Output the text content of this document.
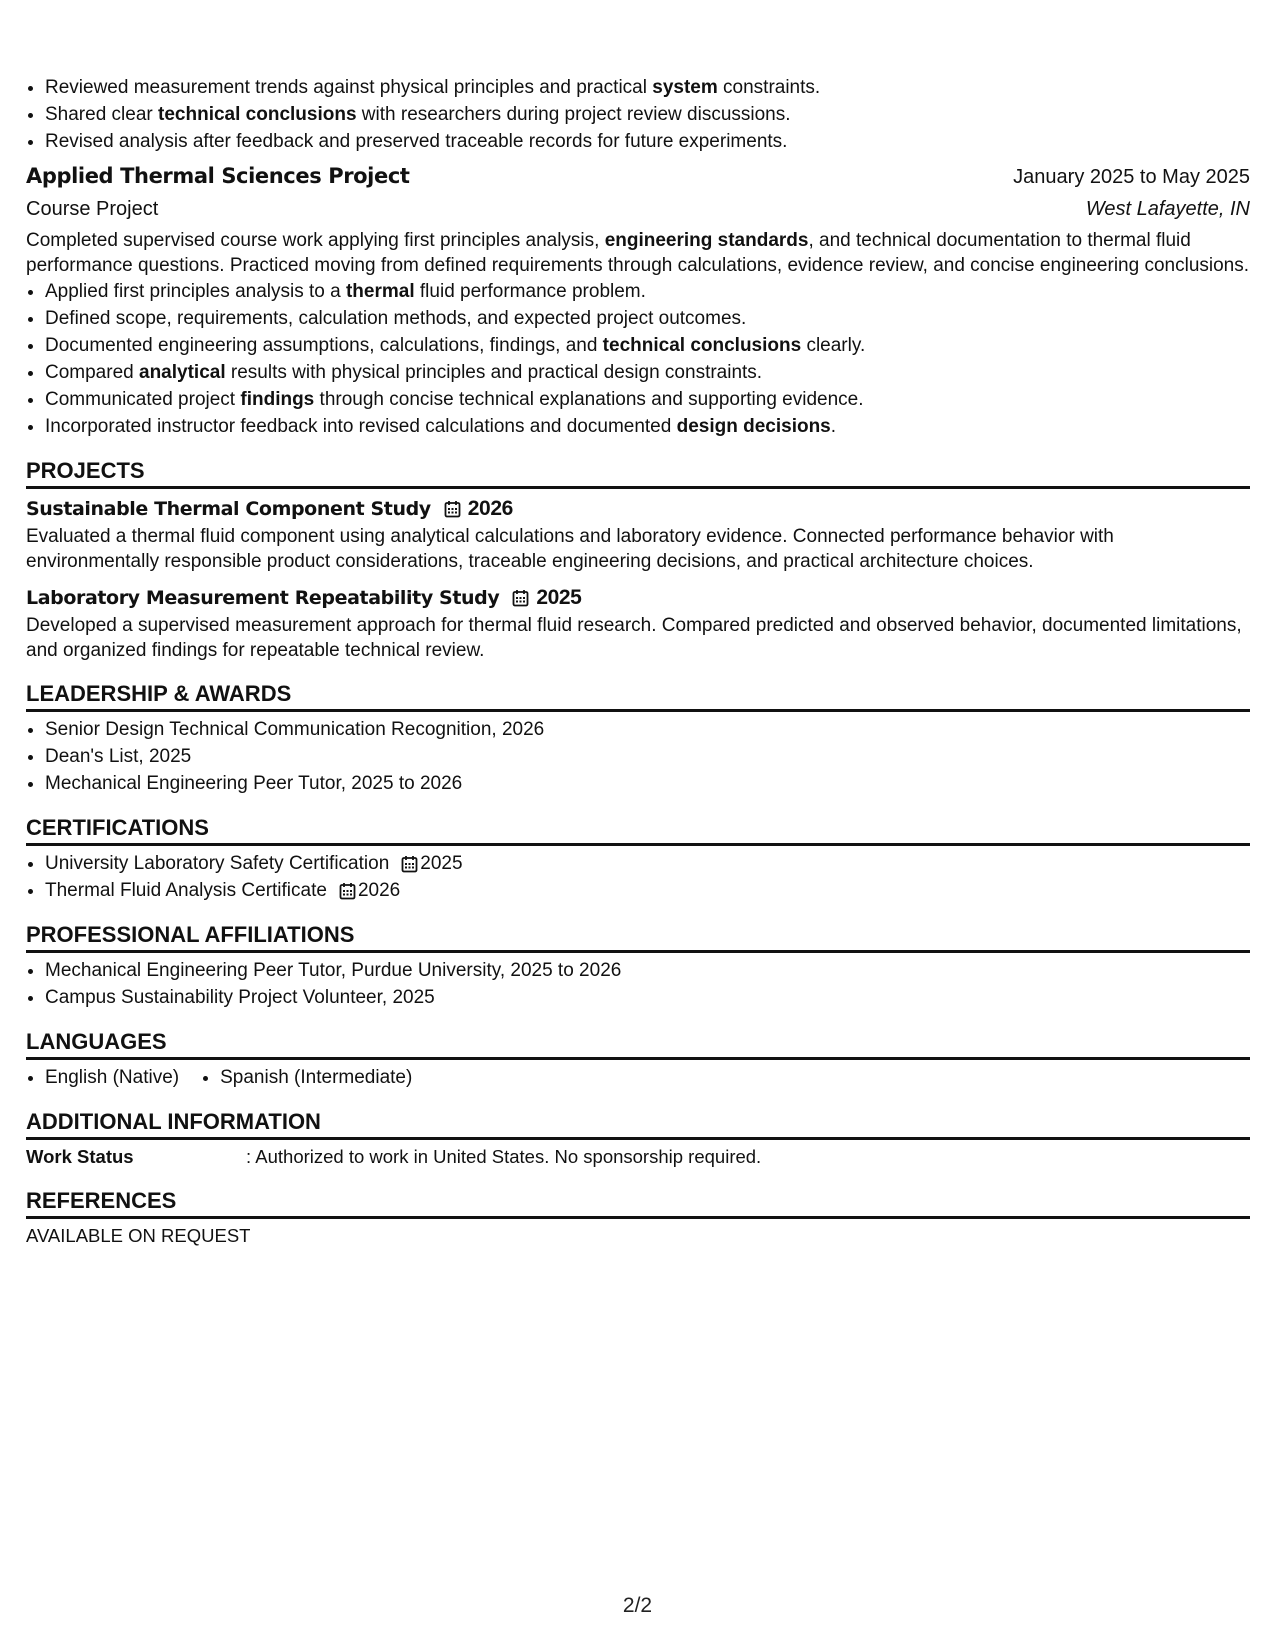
• Reviewed measurement trends against physical principles and practical system constraints.
• Shared clear technical conclusions with researchers during project review discussions.
• Revised analysis after feedback and preserved traceable records for future experiments.
Applied Thermal Sciences Project	January 2025 to May 2025
Course Project	West Lafayette, IN
Completed supervised course work applying first principles analysis, engineering standards, and technical documentation to thermal fluid performance questions. Practiced moving from defined requirements through calculations, evidence review, and concise engineering conclusions.
• Applied first principles analysis to a thermal fluid performance problem.
• Defined scope, requirements, calculation methods, and expected project outcomes.
• Documented engineering assumptions, calculations, findings, and technical conclusions clearly.
• Compared analytical results with physical principles and practical design constraints.
• Communicated project findings through concise technical explanations and supporting evidence.
• Incorporated instructor feedback into revised calculations and documented design decisions.
PROJECTS
Sustainable Thermal Component Study 2026
Evaluated a thermal fluid component using analytical calculations and laboratory evidence. Connected performance behavior with environmentally responsible product considerations, traceable engineering decisions, and practical architecture choices.
Laboratory Measurement Repeatability Study 2025
Developed a supervised measurement approach for thermal fluid research. Compared predicted and observed behavior, documented limitations, and organized findings for repeatable technical review.
LEADERSHIP & AWARDS
• Senior Design Technical Communication Recognition, 2026
• Dean's List, 2025
• Mechanical Engineering Peer Tutor, 2025 to 2026
CERTIFICATIONS
• University Laboratory Safety Certification 2025
• Thermal Fluid Analysis Certificate 2026
PROFESSIONAL AFFILIATIONS
• Mechanical Engineering Peer Tutor, Purdue University, 2025 to 2026
• Campus Sustainability Project Volunteer, 2025
LANGUAGES
• English (Native)
• Spanish (Intermediate)
ADDITIONAL INFORMATION
Work Status	: Authorized to work in United States. No sponsorship required.
REFERENCES
AVAILABLE ON REQUEST
2/2
